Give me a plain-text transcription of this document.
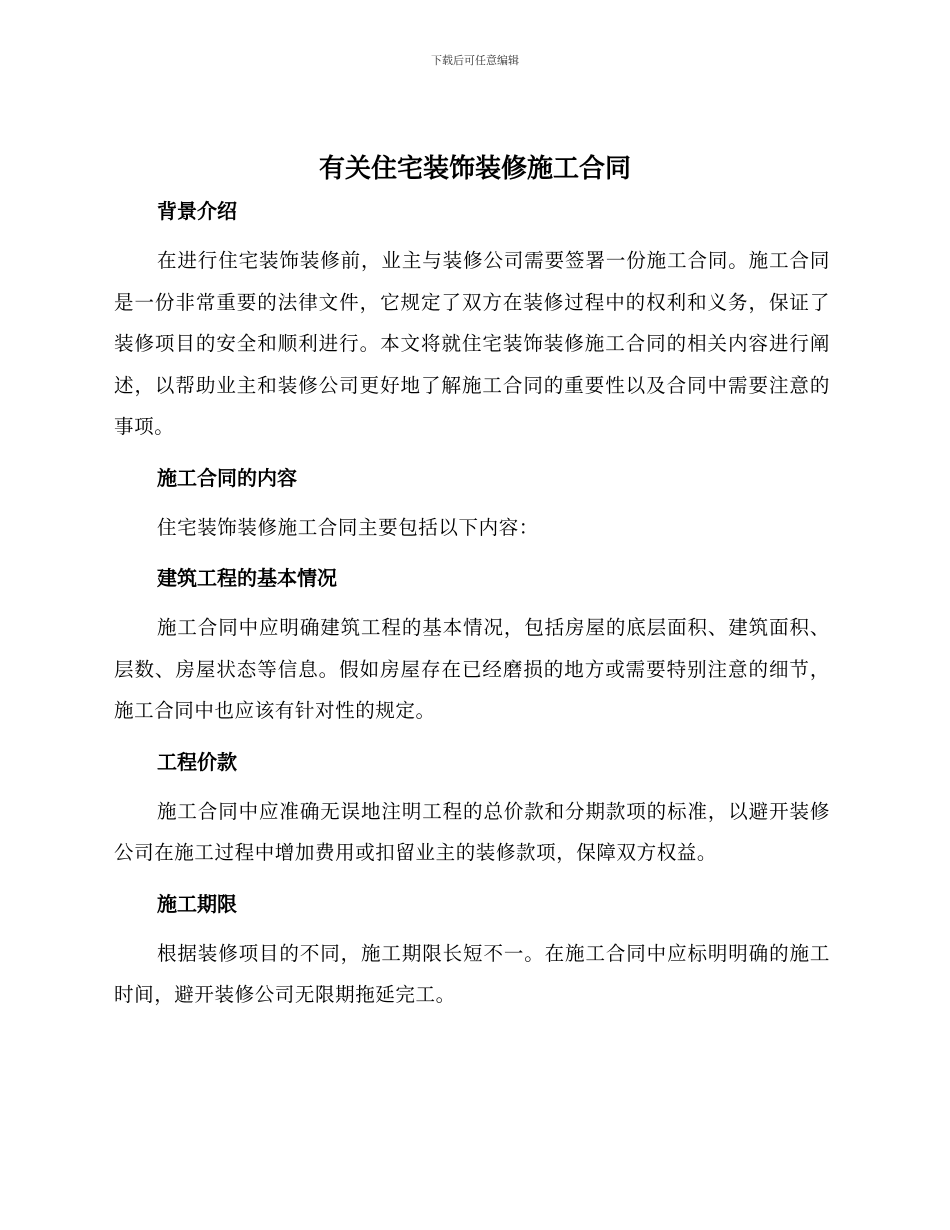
下载后可任意编辑
有关住宅装饰装修施工合同
背景介绍

在进行住宅装饰装修前，业主与装修公司需要签署一份施工合同。施工合同是一份非常重要的法律文件，它规定了双方在装修过程中的权利和义务，保证了装修项目的安全和顺利进行。本文将就住宅装饰装修施工合同的相关内容进行阐述，以帮助业主和装修公司更好地了解施工合同的重要性以及合同中需要注意的事项。

施工合同的内容

住宅装饰装修施工合同主要包括以下内容：

建筑工程的基本情况

施工合同中应明确建筑工程的基本情况，包括房屋的底层面积、建筑面积、层数、房屋状态等信息。假如房屋存在已经磨损的地方或需要特别注意的细节，施工合同中也应该有针对性的规定。

工程价款

施工合同中应准确无误地注明工程的总价款和分期款项的标准，以避开装修公司在施工过程中增加费用或扣留业主的装修款项，保障双方权益。

施工期限

根据装修项目的不同，施工期限长短不一。在施工合同中应标明明确的施工时间，避开装修公司无限期拖延完工。
